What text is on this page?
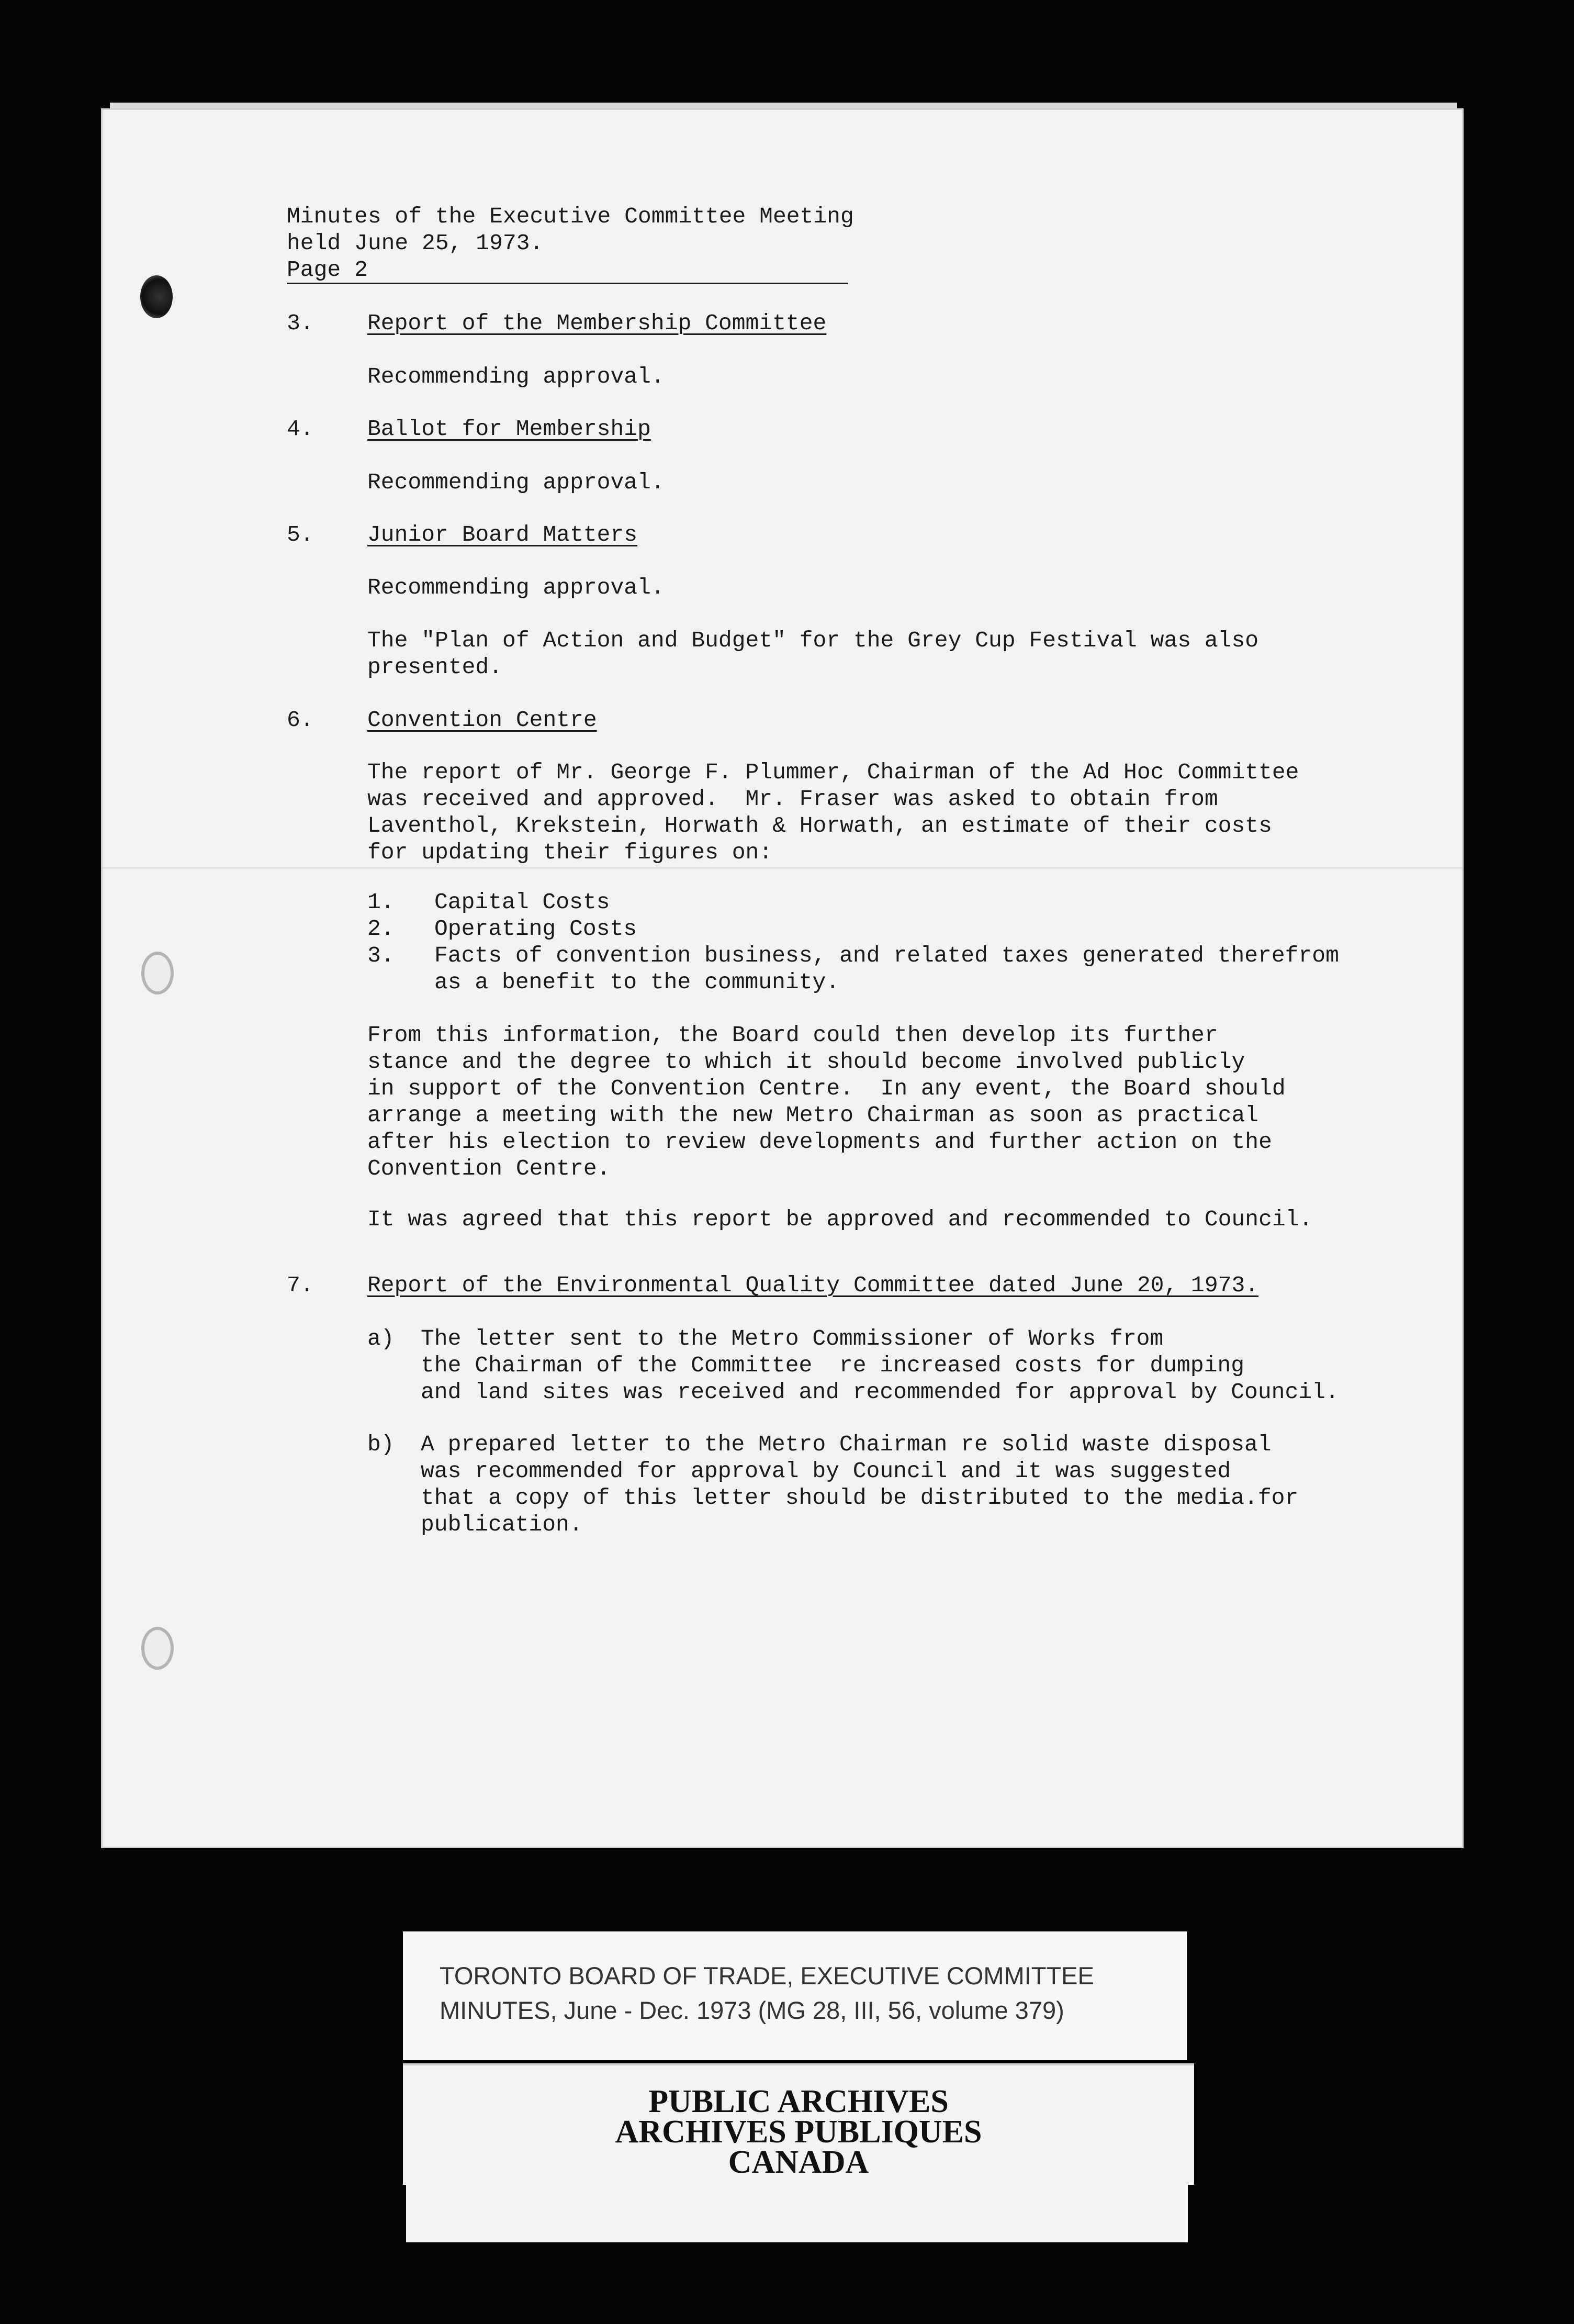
Minutes of the Executive Committee Meeting

held June 25, 1973.

Page 2

3. Report of the Membership Committee

Recommending approval.

4. Ballot for Membership

Recommending approval.

5. Junior Board Matters

Recommending approval.

The "Plan of Action and Budget" for the Grey Cup Festival was also
presented.

6. Convention Centre

The report of Mr. George F. Plummer, Chairman of the Ad Hoc Committee
was received and approved.  Mr. Fraser was asked to obtain from
Laventhol, Krekstein, Horwath & Horwath, an estimate of their costs
for updating their figures on:

1. Capital Costs

2. Operating Costs

3. Facts of convention business, and related taxes generated therefrom
as a benefit to the community.

From this information, the Board could then develop its further
stance and the degree to which it should become involved publicly
in support of the Convention Centre.  In any event, the Board should
arrange a meeting with the new Metro Chairman as soon as practical
after his election to review developments and further action on the
Convention Centre.

It was agreed that this report be approved and recommended to Council.

7. Report of the Environmental Quality Committee dated June 20, 1973.

a) The letter sent to the Metro Commissioner of Works from
the Chairman of the Committee  re increased costs for dumping
and land sites was received and recommended for approval by Council.

b) A prepared letter to the Metro Chairman re solid waste disposal
was recommended for approval by Council and it was suggested
that a copy of this letter should be distributed to the media.for
publication.

TORONTO BOARD OF TRADE, EXECUTIVE COMMITTEE
MINUTES, June - Dec. 1973 (MG 28, III, 56, volume 379)
PUBLIC ARCHIVES
ARCHIVES PUBLIQUES
CANADA
